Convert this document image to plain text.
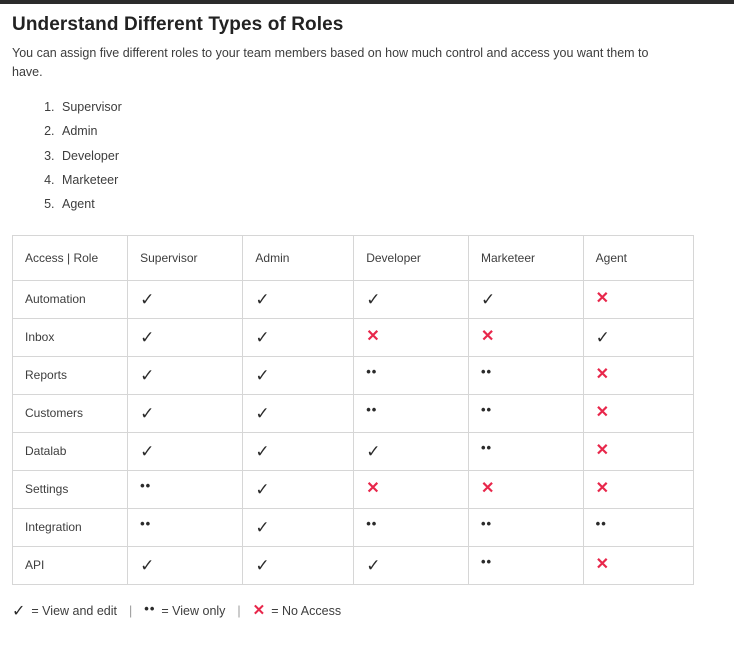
Understand Different Types of Roles

You can assign five different roles to your team members based on how much control and access you want them to have.

1. Supervisor
2. Admin
3. Developer
4. Marketeer
5. Agent
Access | Role	Supervisor	Admin	Developer	Marketeer	Agent
Automation	✓	✓	✓	✓	✕
Inbox	✓	✓	✕	✕	✓
Reports	✓	✓	••	••	✕
Customers	✓	✓	••	••	✕
Datalab	✓	✓	✓	••	✕
Settings	••	✓	✕	✕	✕
Integration	••	✓	••	••	••
API	✓	✓	✓	••	✕
✓ = View and edit | •• = View only | ✕ = No Access
